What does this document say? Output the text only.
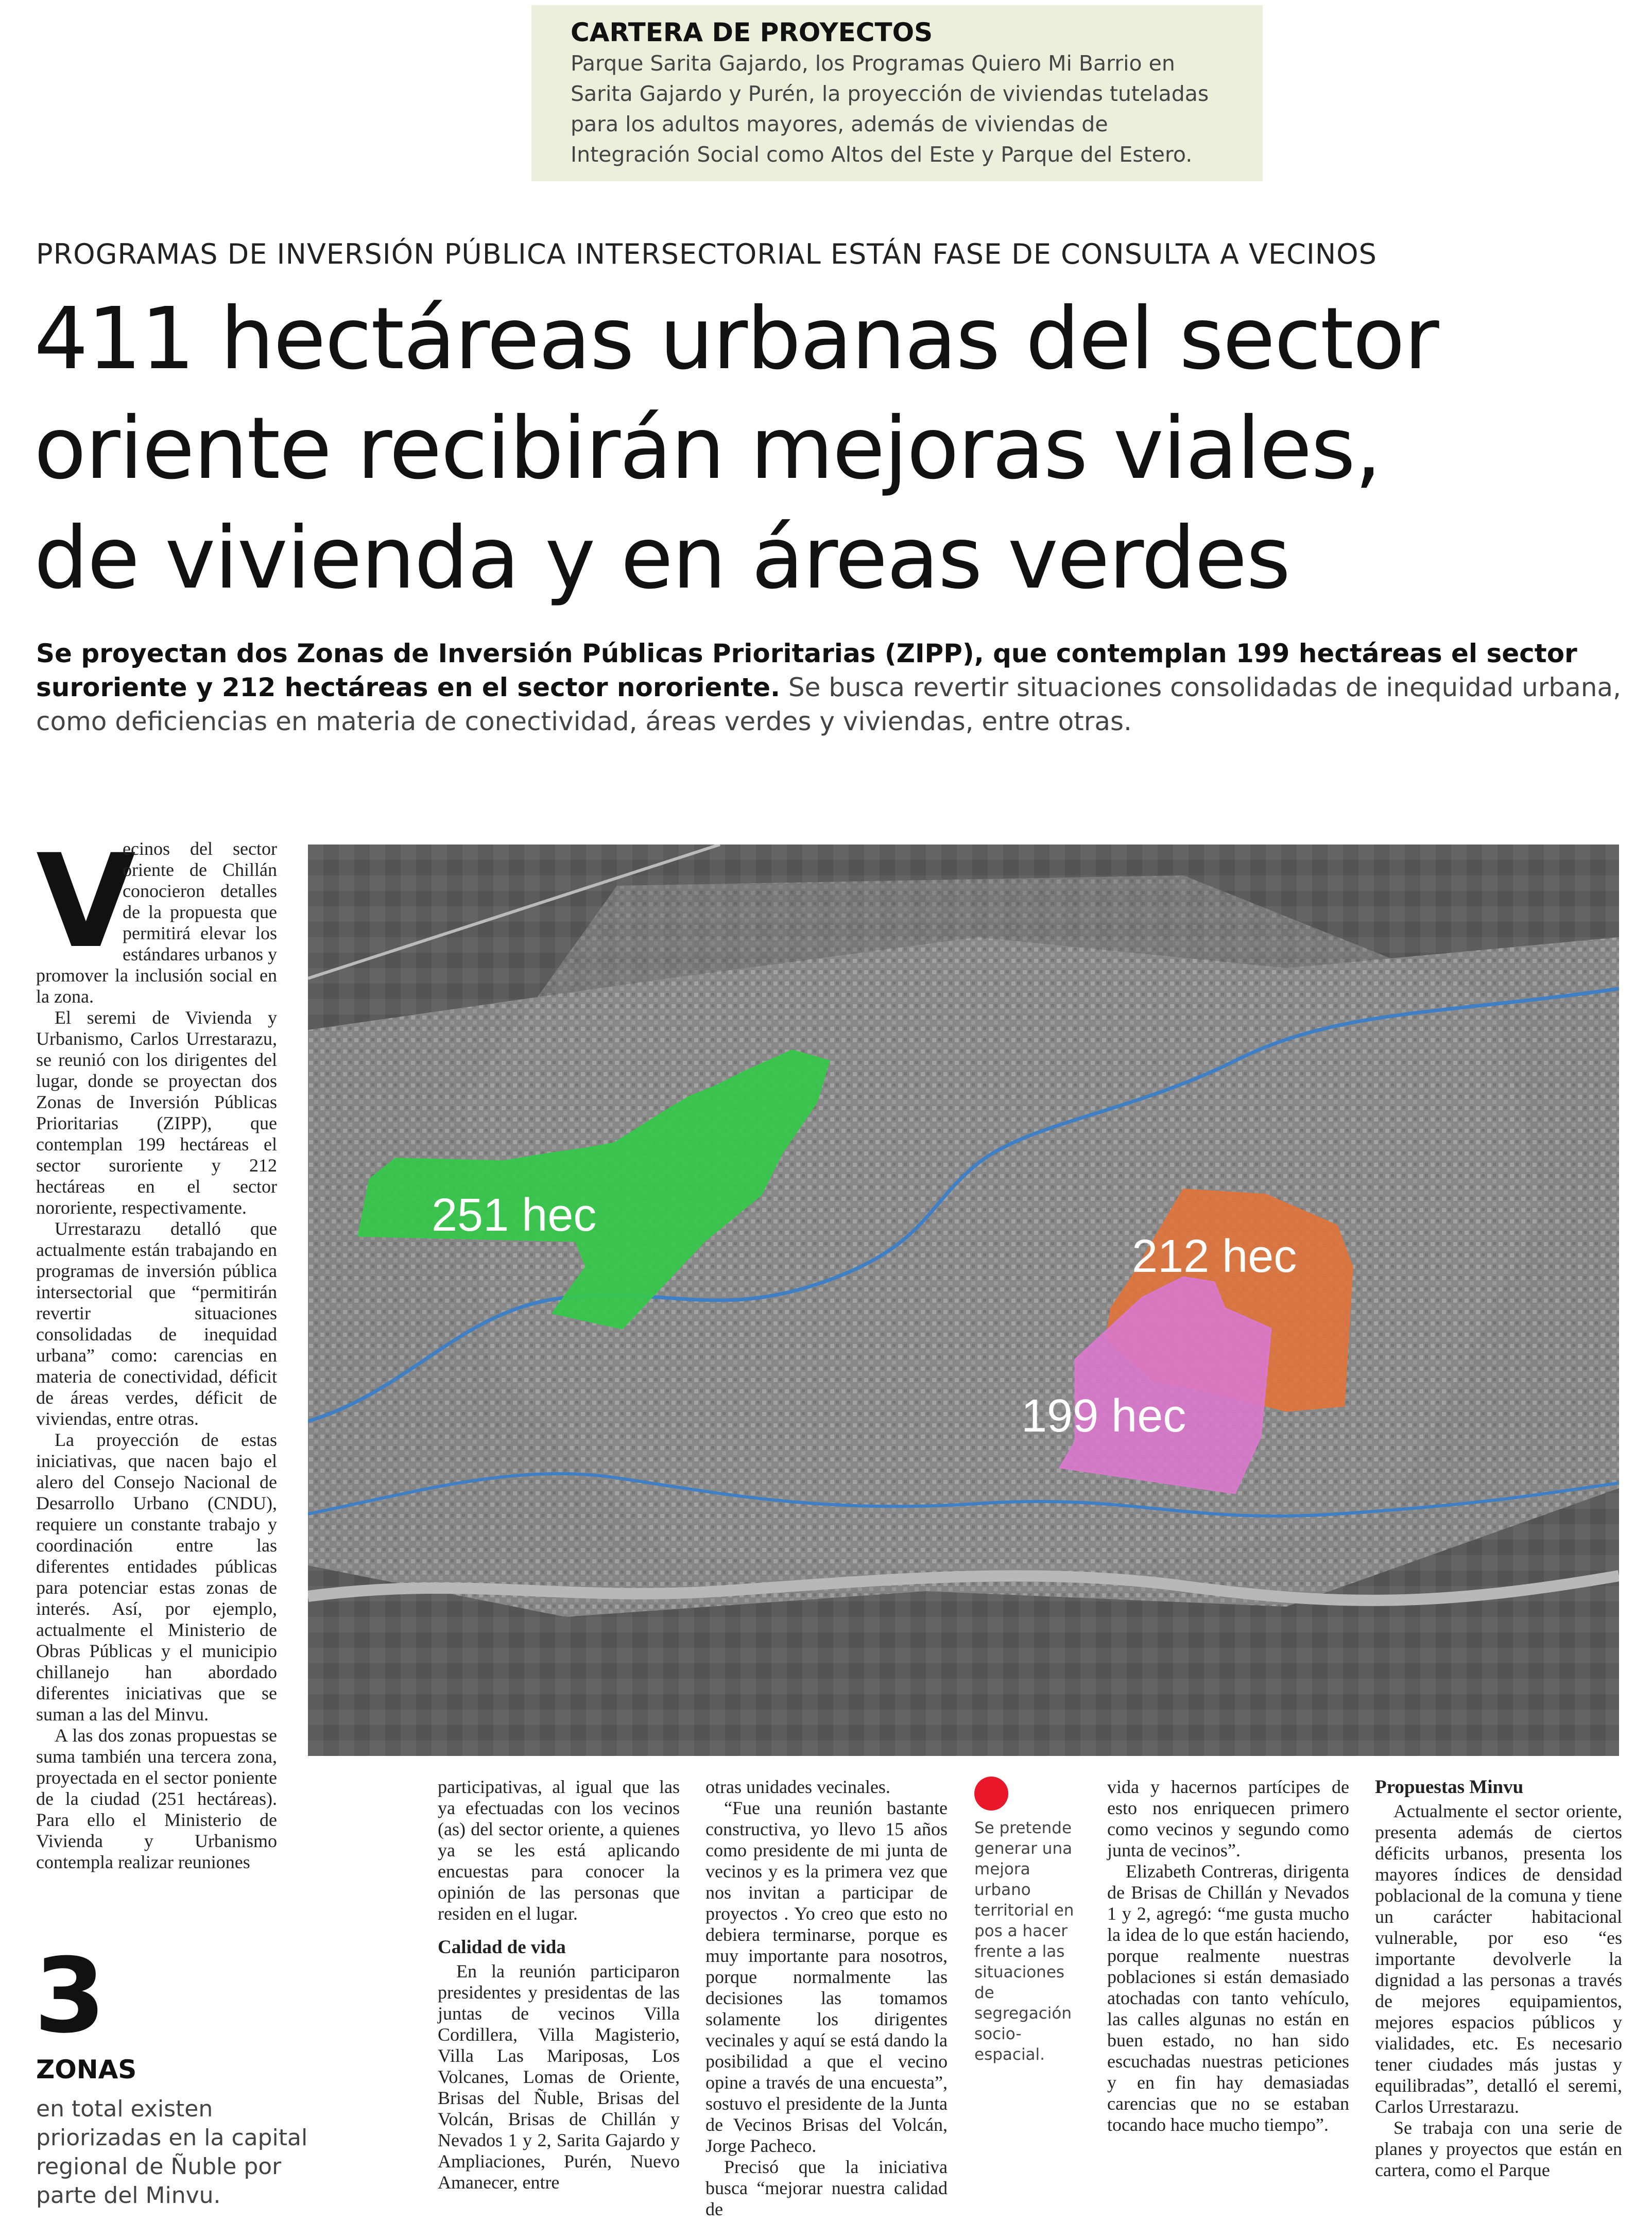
CARTERA DE PROYECTOS
Parque Sarita Gajardo, los Programas Quiero Mi Barrio en Sarita Gajardo y Purén, la proyección de viviendas tuteladas para los adultos mayores, además de viviendas de Integración Social como Altos del Este y Parque del Estero.
PROGRAMAS DE INVERSIÓN PÚBLICA INTERSECTORIAL ESTÁN FASE DE CONSULTA A VECINOS
411 hectáreas urbanas del sector
oriente recibirán mejoras viales,
de vivienda y en áreas verdes
Se proyectan dos Zonas de Inversión Públicas Prioritarias (ZIPP), que contemplan 199 hectáreas el sector suroriente y 212 hectáreas en el sector nororiente. Se busca revertir situaciones consolidadas de inequidad urbana, como deficiencias en materia de conectividad, áreas verdes y viviendas, entre otras.
V

ecinos del sector oriente de Chillán conocieron detalles de la propuesta que permitirá elevar los estándares urbanos y promover la inclusión social en la zona.

El seremi de Vivienda y Urbanismo, Carlos Urrestarazu, se reunió con los dirigentes del lugar, donde se proyectan dos Zonas de Inversión Públicas Prioritarias (ZIPP), que contemplan 199 hectáreas el sector suroriente y 212 hectáreas en el sector nororiente, respectivamente.

Urrestarazu detalló que actualmente están trabajando en programas de inversión pública intersectorial que “permitirán revertir situaciones consolidadas de inequidad urbana” como: carencias en materia de conectividad, déficit de áreas verdes, déficit de viviendas, entre otras.

La proyección de estas iniciativas, que nacen bajo el alero del Consejo Nacional de Desarrollo Urbano (CNDU), requiere un constante trabajo y coordinación entre las diferentes entidades públicas para potenciar estas zonas de interés. Así, por ejemplo, actualmente el Ministerio de Obras Públicas y el municipio chillanejo han abordado diferentes iniciativas que se suman a las del Minvu.

A las dos zonas propuestas se suma también una tercera zona, proyectada en el sector poniente de la ciudad (251 hectáreas). Para ello el Ministerio de Vivienda y Urbanismo contempla realizar reuniones

3
ZONAS
en total existen priorizadas en la capital regional de Ñuble por parte del Minvu.
251 hec
212 hec
199 hec

participativas, al igual que las ya efectuadas con los vecinos (as) del sector oriente, a quienes ya se les está aplicando encuestas para conocer la opinión de las personas que residen en el lugar.

Calidad de vida

En la reunión participaron presidentes y presidentas de las juntas de vecinos Villa Cordillera, Villa Magisterio, Villa Las Mariposas, Los Volcanes, Lomas de Oriente, Brisas del Ñuble, Brisas del Volcán, Brisas de Chillán y Nevados 1 y 2, Sarita Gajardo y Ampliaciones, Purén, Nuevo Amanecer, entre

otras unidades vecinales.

“Fue una reunión bastante constructiva, yo llevo 15 años como presidente de mi junta de vecinos y es la primera vez que nos invitan a participar de proyectos . Yo creo que esto no debiera terminarse, porque es muy importante para nosotros, porque normalmente las decisiones las tomamos solamente los dirigentes vecinales y aquí se está dando la posibilidad a que el vecino opine a través de una encuesta”, sostuvo el presidente de la Junta de Vecinos Brisas del Volcán, Jorge Pacheco.

Precisó que la iniciativa busca “mejorar nuestra calidad de

Se pretende generar una mejora urbano territorial en pos a hacer frente a las situaciones de segregación socio-espacial.

vida y hacernos partícipes de esto nos enriquecen primero como vecinos y segundo como junta de vecinos”.

Elizabeth Contreras, dirigenta de Brisas de Chillán y Nevados 1 y 2, agregó: “me gusta mucho la idea de lo que están haciendo, porque realmente nuestras poblaciones si están demasiado atochadas con tanto vehículo, las calles algunas no están en buen estado, no han sido escuchadas nuestras peticiones y en fin hay demasiadas carencias que no se estaban tocando hace mucho tiempo”.

Propuestas Minvu

Actualmente el sector oriente, presenta además de ciertos déficits urbanos, presenta los mayores índices de densidad poblacional de la comuna y tiene un carácter habitacional vulnerable, por eso “es importante devolverle la dignidad a las personas a través de mejores equipamientos, mejores espacios públicos y vialidades, etc. Es necesario tener ciudades más justas y equilibradas”, detalló el seremi, Carlos Urrestarazu.

Se trabaja con una serie de planes y proyectos que están en cartera, como el Parque
